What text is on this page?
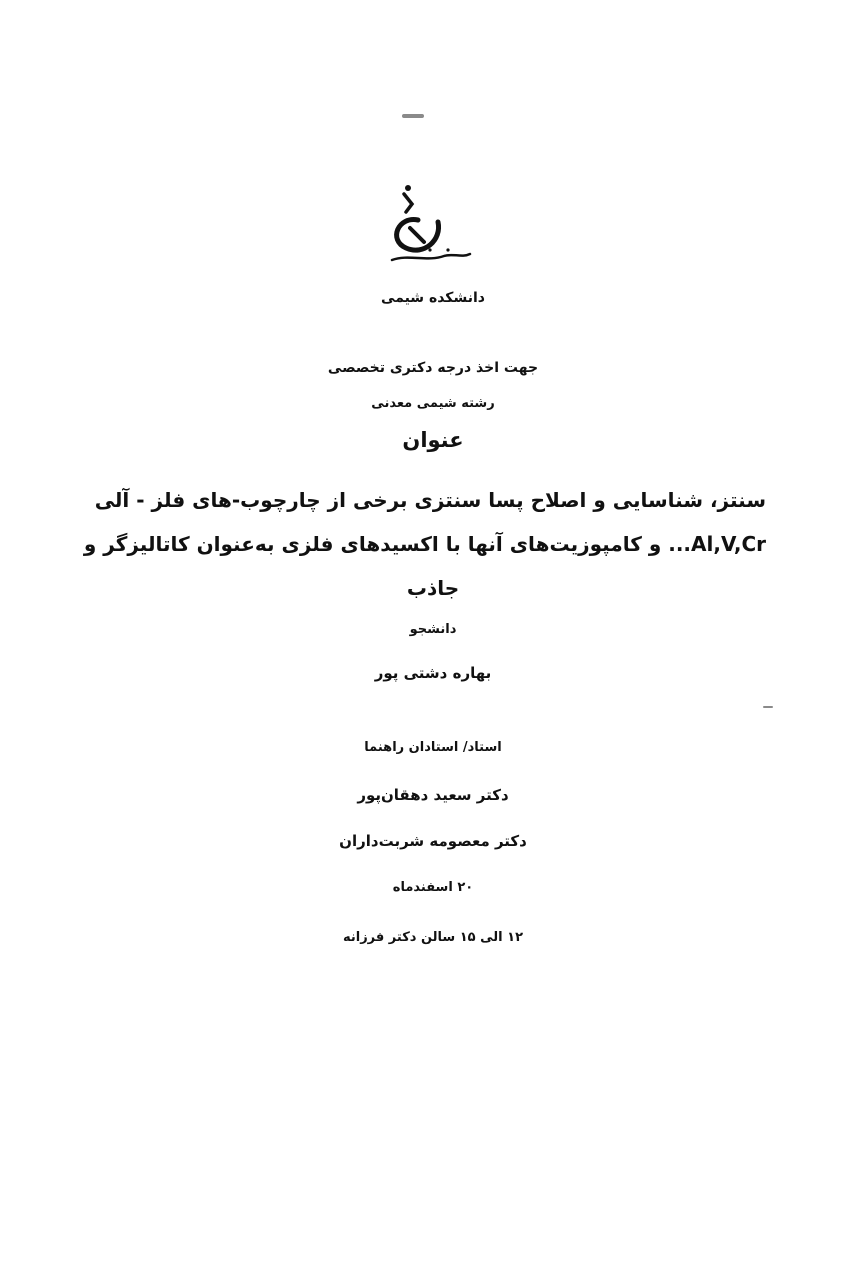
دانشکده شیمی
جهت اخذ درجه دکتری تخصصی
رشته شیمی معدنی
عنوان
سنتز، شناسایی و اصلاح پسا سنتزی برخی از چارچوب-های فلز - آلی
Al,V,Cr... و کامپوزیت‌های آنها با اکسیدهای فلزی به‌عنوان کاتالیزگر و
جاذب
دانشجو
بهاره دشتی پور
استاد/ استادان راهنما
دکتر سعید دهقان‌پور
دکتر معصومه شربت‌داران
۲۰ اسفندماه
۱۲ الی ۱۵ سالن دکتر فرزانه
